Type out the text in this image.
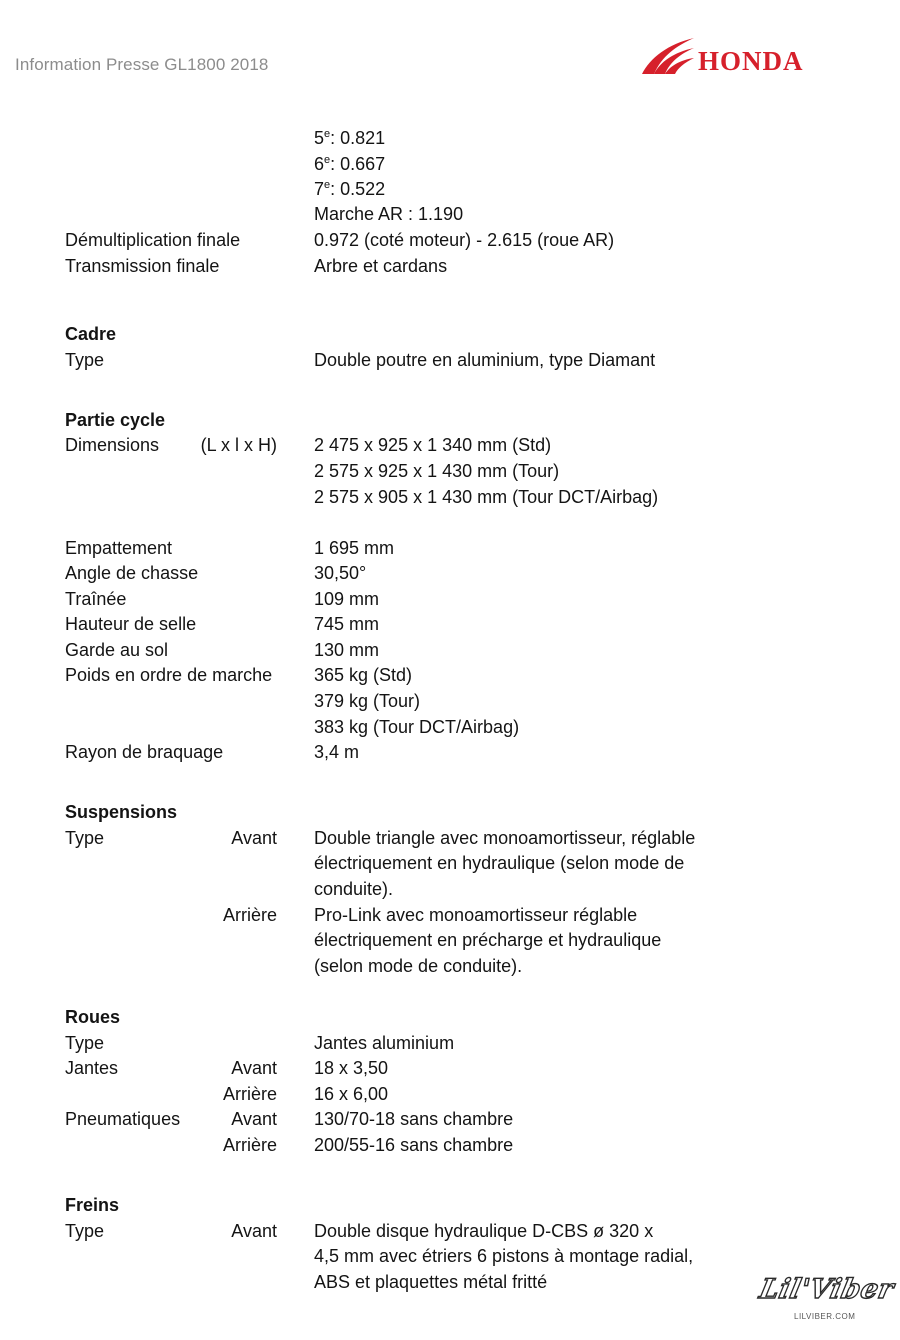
Information Presse GL1800 2018	HONDA
5e: 0.821
6e: 0.667
7e: 0.522
Marche AR : 1.190
Démultiplication finale	0.972 (coté moteur) - 2.615 (roue AR)
Transmission finale	Arbre et cardans
Cadre
Type	Double poutre en aluminium, type Diamant
Partie cycle
Dimensions (L x l x H) 2 475 x 925 x 1 340 mm (Std)
2 575 x 925 x 1 430 mm (Tour)
2 575 x 905 x 1 430 mm (Tour DCT/Airbag)
Empattement	1 695 mm
Angle de chasse	30,50°
Traînée	109 mm
Hauteur de selle	745 mm
Garde au sol	130 mm
Poids en ordre de marche 365 kg (Std)
379 kg (Tour)
383 kg (Tour DCT/Airbag)
Rayon de braquage	3,4 m
Suspensions
Type	Avant Double triangle avec monoamortisseur, réglable
électriquement en hydraulique (selon mode de
conduite).
Arrière Pro-Link avec monoamortisseur réglable
électriquement en précharge et hydraulique
(selon mode de conduite).
Roues
Type	Jantes aluminium
Jantes	Avant 18 x 3,50
Arrière 16 x 6,00
Pneumatiques	Avant 130/70-18 sans chambre
Arrière 200/55-16 sans chambre
Freins
Type	Avant Double disque hydraulique D-CBS ø 320 x
4,5 mm avec étriers 6 pistons à montage radial,
ABS et plaquettes métal fritté	Lil'Viber
LILVIBER.COM
